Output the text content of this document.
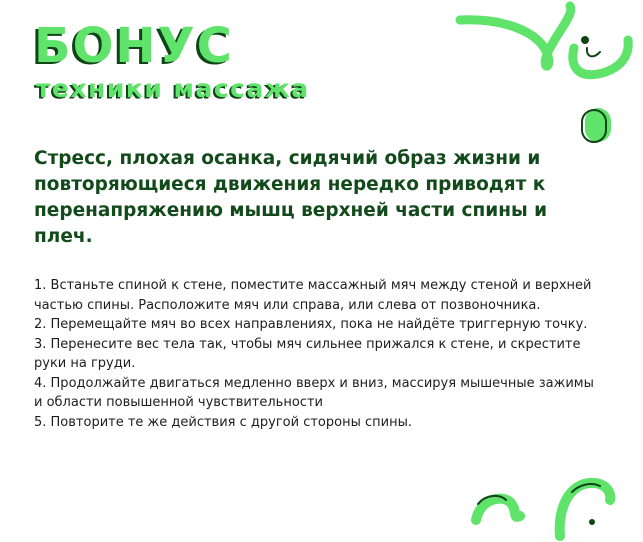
БОНУС
техники массажа

Стресс, плохая осанка, сидячий образ жизни и повторяющиеся движения нередко приводят к перенапряжению мышц верхней части спины и плеч.

1. Встаньте спиной к стене, поместите массажный мяч между стеной и верхней частью спины. Расположите мяч или справа, или слева от позвоночника.
2. Перемещайте мяч во всех направлениях, пока не найдёте триггерную точку.
3. Перенесите вес тела так, чтобы мяч сильнее прижался к стене, и скрестите руки на груди.
4. Продолжайте двигаться медленно вверх и вниз, массируя мышечные зажимы и области повышенной чувствительности
5. Повторите те же действия с другой стороны спины.
